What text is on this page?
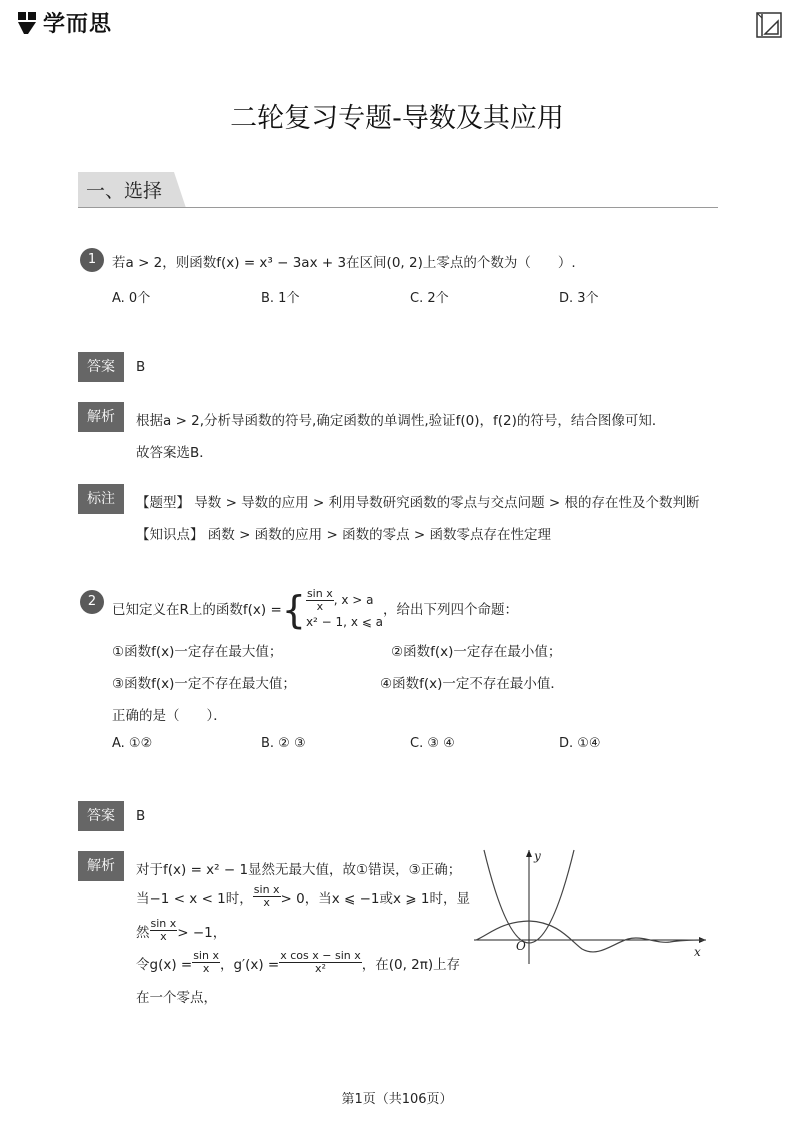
学而思
二轮复习专题-导数及其应用
一、选择
1	若a > 2，则函数f(x) = x³ − 3ax + 3在区间(0, 2)上零点的个数为（　　）.
A. 0个	B. 1个	C. 2个	D. 3个
答案	B
解析	根据a > 2,分析导函数的符号,确定函数的单调性,验证f(0)，f(2)的符号，结合图像可知．
故答案选B．
标注	【题型】 导数 > 导数的应用 > 利用导数研究函数的零点与交点问题 > 根的存在性及个数判断
【知识点】 函数 > 函数的应用 > 函数的零点 > 函数零点存在性定理
2	已知定义在R上的函数f(x) = { $\frac{\text{sin x}}{x}$ , x > a
x² − 1, x ⩽ a
，给出下列四个命题：
①函数f(x)一定存在最大值；	②函数f(x)一定存在最小值；
③函数f(x)一定不存在最大值；	④函数f(x)一定不存在最小值．
正确的是（　　）．
A. ①②	B. ② ③	C. ③ ④	D. ①④
答案	B
解析	对于f(x) = x² − 1显然无最大值，故①错误，③正确；
当−1 < x < 1时， $\frac{\text{sin x}}{x} > 0$，当x ⩽ −1或x ⩾ 1时，显
然 $\frac{\text{sin x}}{x} > -1$，
令$g(x) = \frac{\text{sin x}}{x}$ ，$g'(x) = \frac{\text{x cos x − sin x}}{\text{x²}}$ ，在(0, 2π)上存
在一个零点，
y
x
O
第1页（共106页）
